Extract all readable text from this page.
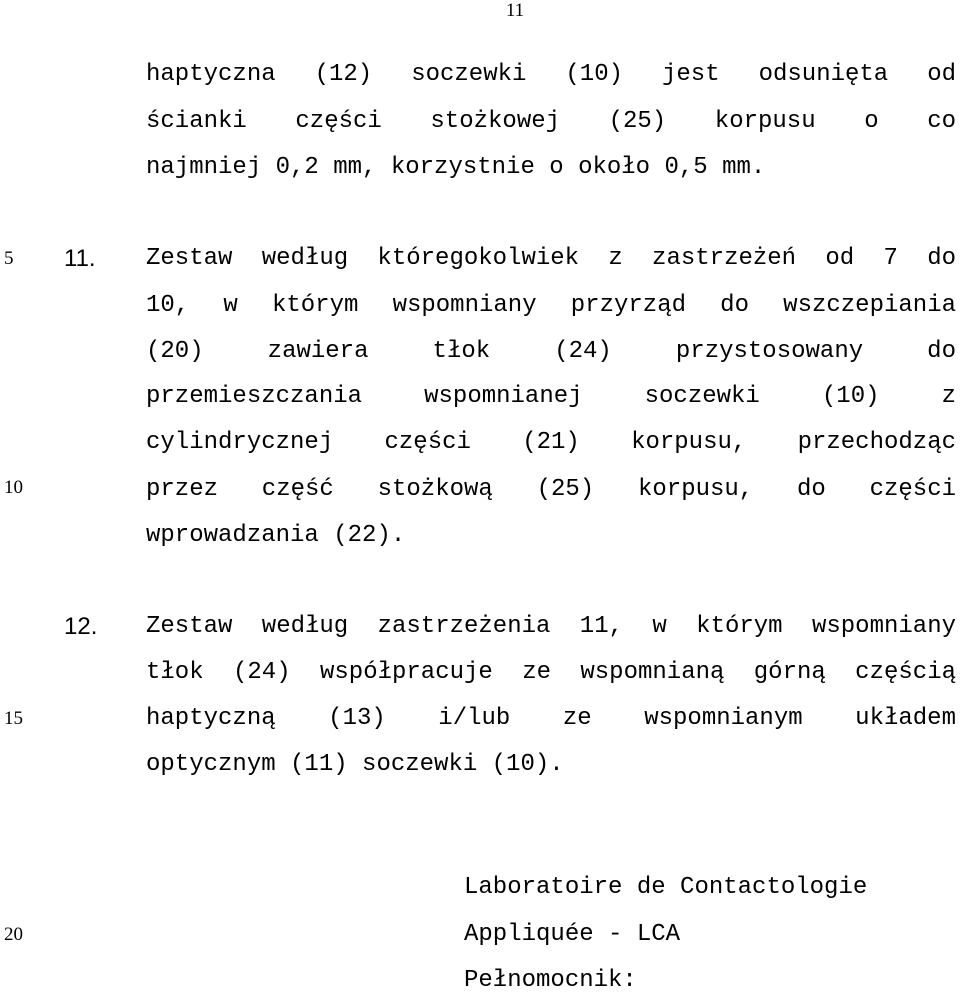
11
5
10
15
20
haptyczna (12) soczewki (10) jest odsunięta od
ścianki części stożkowej (25) korpusu o co
najmniej 0,2 mm, korzystnie o około 0,5 mm.
11. Zestaw według któregokolwiek z zastrzeżeń od 7 do
10, w którym wspomniany przyrząd do wszczepiania
(20) zawiera tłok (24) przystosowany do
przemieszczania wspomnianej soczewki (10) z
cylindrycznej części (21) korpusu, przechodząc
przez część stożkową (25) korpusu, do części
wprowadzania (22).
12. Zestaw według zastrzeżenia 11, w którym wspomniany
tłok (24) współpracuje ze wspomnianą górną częścią
haptyczną (13) i/lub ze wspomnianym układem
optycznym (11) soczewki (10).
Laboratoire de Contactologie
Appliquée - LCA
Pełnomocnik:
